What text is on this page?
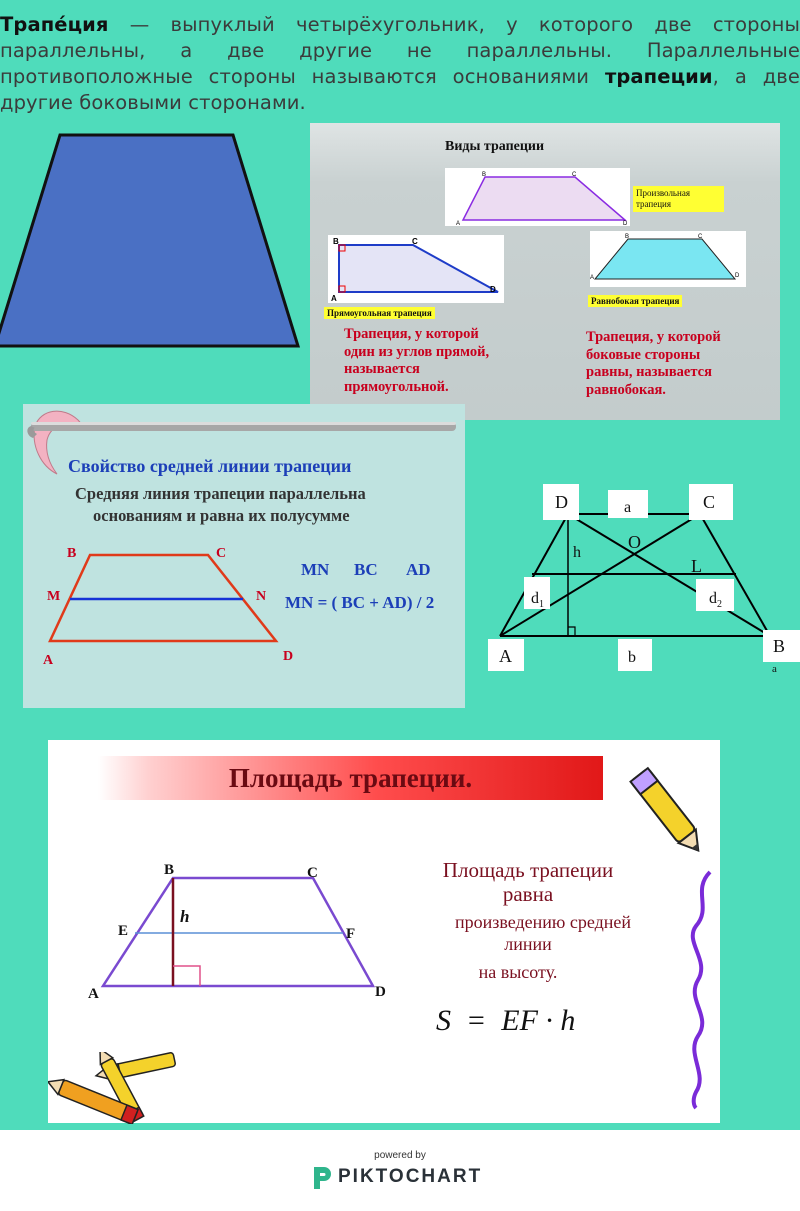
Трапе́ция — выпуклый четырёхугольник, у которого две стороны параллельны, а две другие не параллельны. Параллельные противоположные стороны называются основаниями трапеции, а две другие боковыми сторонами.
Виды трапеции
B	C
A	D
Произвольная трапеция
B	C
A
D
Прямоугольная трапеция
Трапеция, у которой один из углов прямой, называется прямоугольной.
B	C
A	D
Равнобокая трапеция
Трапеция, у которой боковые стороны равны, называется равнобокая.
Свойство средней линии трапеции
Средняя линия трапеции параллельна
основаниям и равна их полусумме
B	C
M	N
A	D
MN BC AD
MN = ( BC + AD) / 2
D	a	C
h
O
L
$d_1$	$d_2$
A	b
B
a
Площадь трапеции.
B	C
E	F
A	D
h
Площадь трапеции
равна
произведению средней
линии
на высоту.
S  =  EF · h
powered by
PIKTOCHART
